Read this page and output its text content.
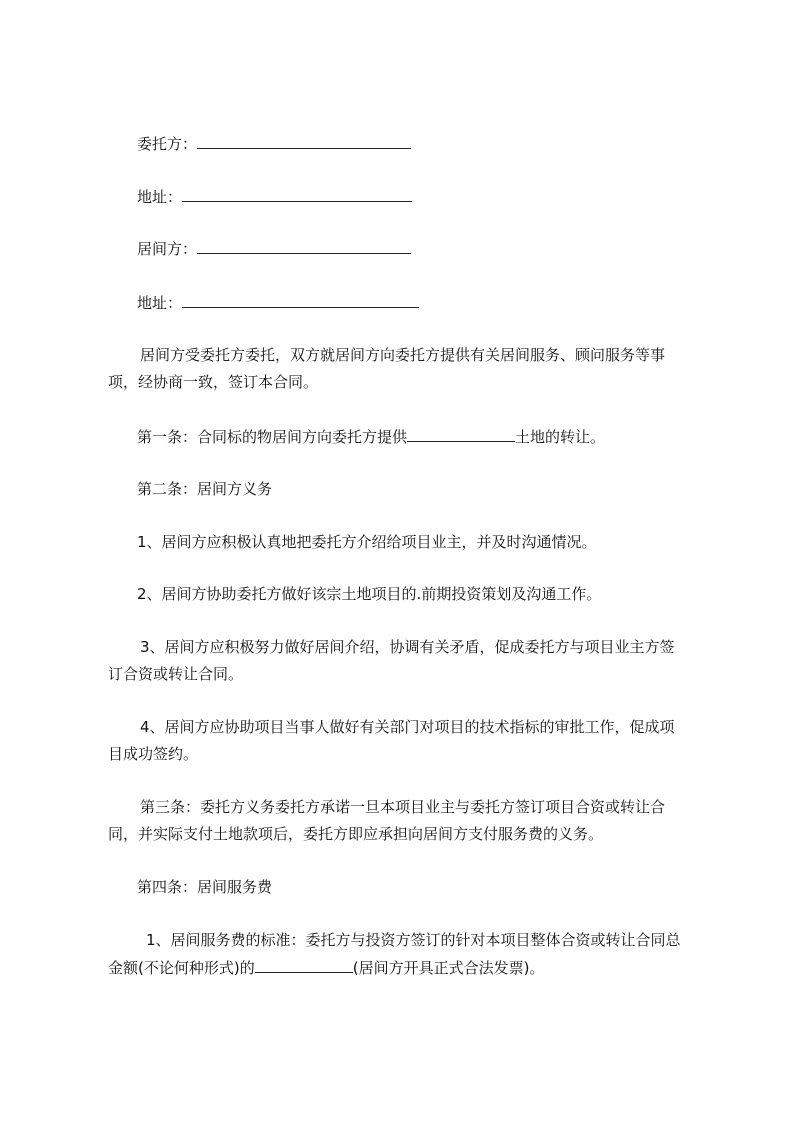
委托方：
地址：
居间方：
地址：
居间方受委托方委托，双方就居间方向委托方提供有关居间服务、顾问服务等事
项，经协商一致，签订本合同。
第一条：合同标的物居间方向委托方提供	土地的转让。
第二条：居间方义务
1、居间方应积极认真地把委托方介绍给项目业主，并及时沟通情况。
2、居间方协助委托方做好该宗土地项目的.前期投资策划及沟通工作。
3、居间方应积极努力做好居间介绍，协调有关矛盾，促成委托方与项目业主方签
订合资或转让合同。
4、居间方应协助项目当事人做好有关部门对项目的技术指标的审批工作，促成项
目成功签约。
第三条：委托方义务委托方承诺一旦本项目业主与委托方签订项目合资或转让合
同，并实际支付土地款项后，委托方即应承担向居间方支付服务费的义务。
第四条：居间服务费
1、居间服务费的标准：委托方与投资方签订的针对本项目整体合资或转让合同总
金额(不论何种形式)的	(居间方开具正式合法发票)。
